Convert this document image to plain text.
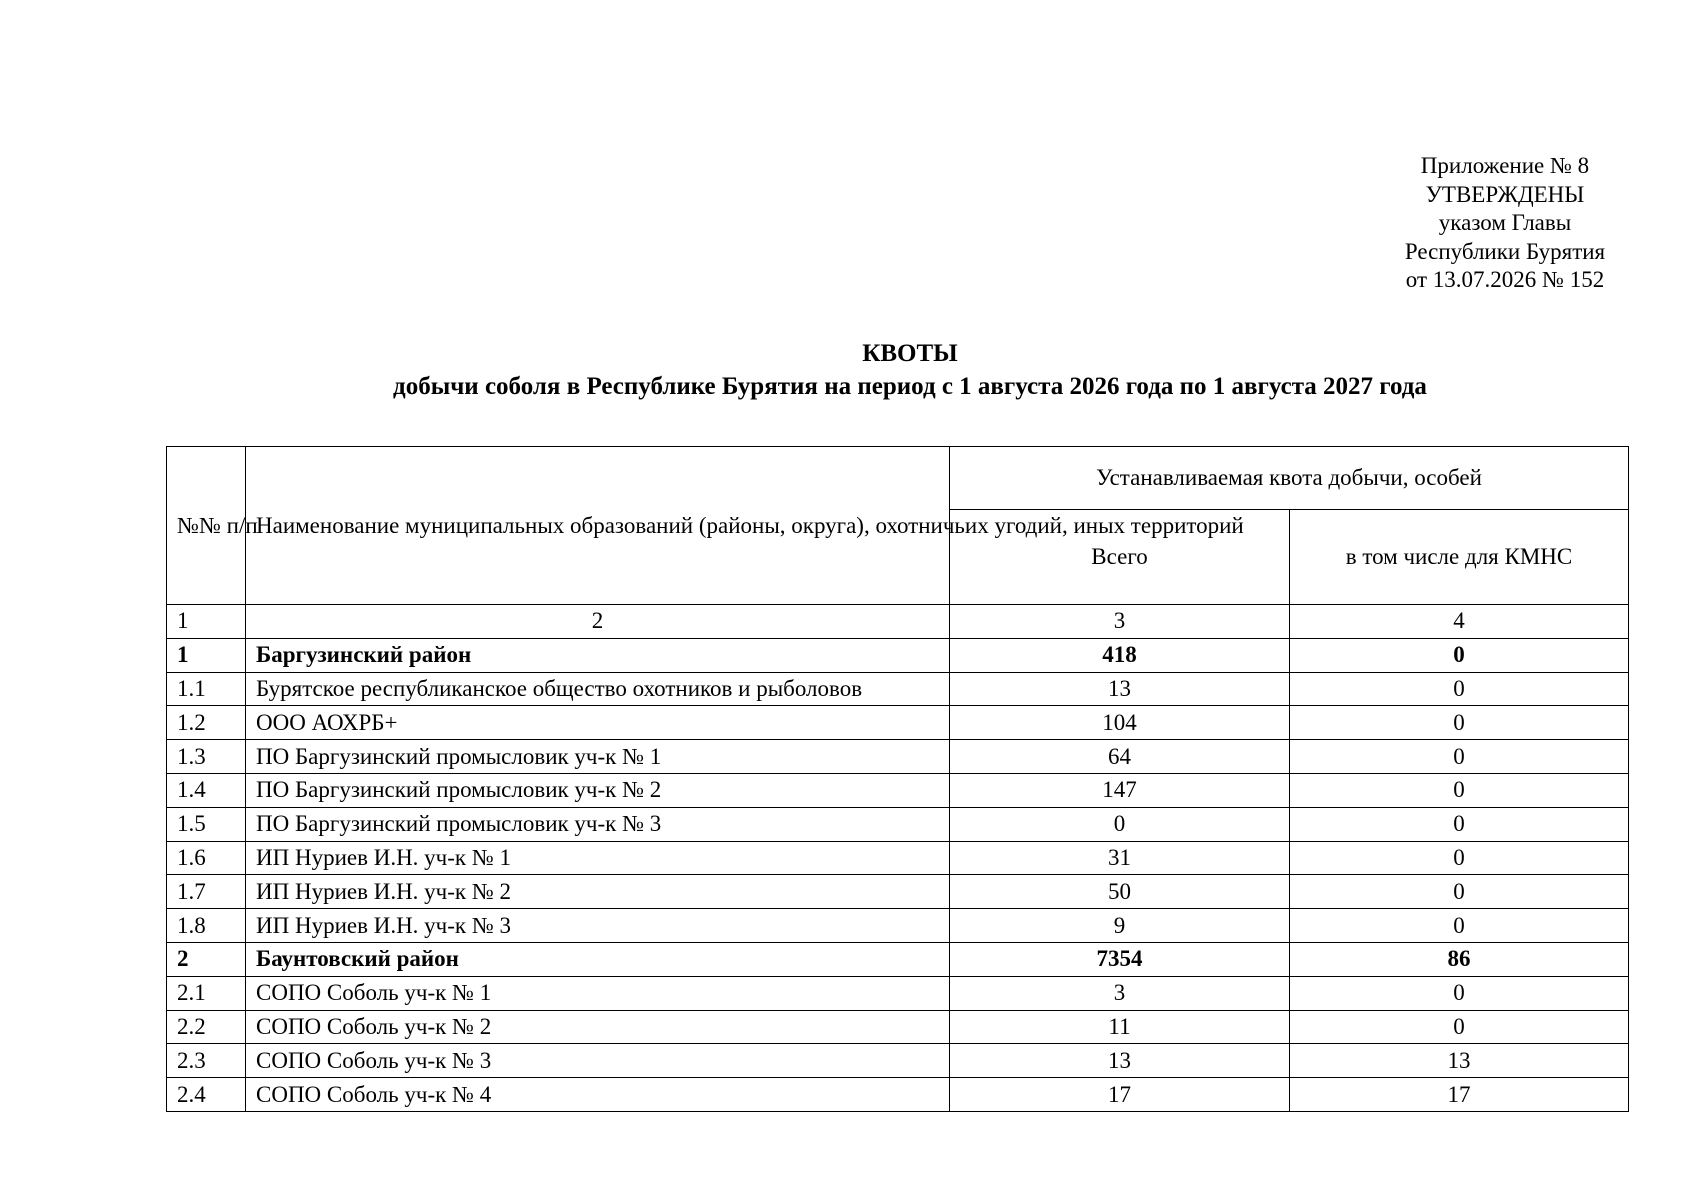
Приложение № 8
УТВЕРЖДЕНЫ
указом Главы
Республики Бурятия
от 13.07.2026 № 152
КВОТЫ
добычи соболя в Республике Бурятия на период с 1 августа 2026 года по 1 августа 2027 года
№№ п/п	Наименование муниципальных образований (районы, округа), охотничьих угодий, иных территорий	Устанавливаемая квота добычи, особей	
		Всего	в том числе для КМНС
1	2	3	4
1	Баргузинский район	418	0
1.1	Бурятское республиканское общество охотников и рыболовов	13	0
1.2	ООО АОХРБ+	104	0
1.3	ПО Баргузинский промысловик уч-к № 1	64	0
1.4	ПО Баргузинский промысловик уч-к № 2	147	0
1.5	ПО Баргузинский промысловик уч-к № 3	0	0
1.6	ИП Нуриев И.Н. уч-к № 1	31	0
1.7	ИП Нуриев И.Н. уч-к № 2	50	0
1.8	ИП Нуриев И.Н. уч-к № 3	9	0
2	Баунтовский район	7354	86
2.1	СОПО Соболь уч-к № 1	3	0
2.2	СОПО Соболь уч-к № 2	11	0
2.3	СОПО Соболь уч-к № 3	13	13
2.4	СОПО Соболь уч-к № 4	17	17
